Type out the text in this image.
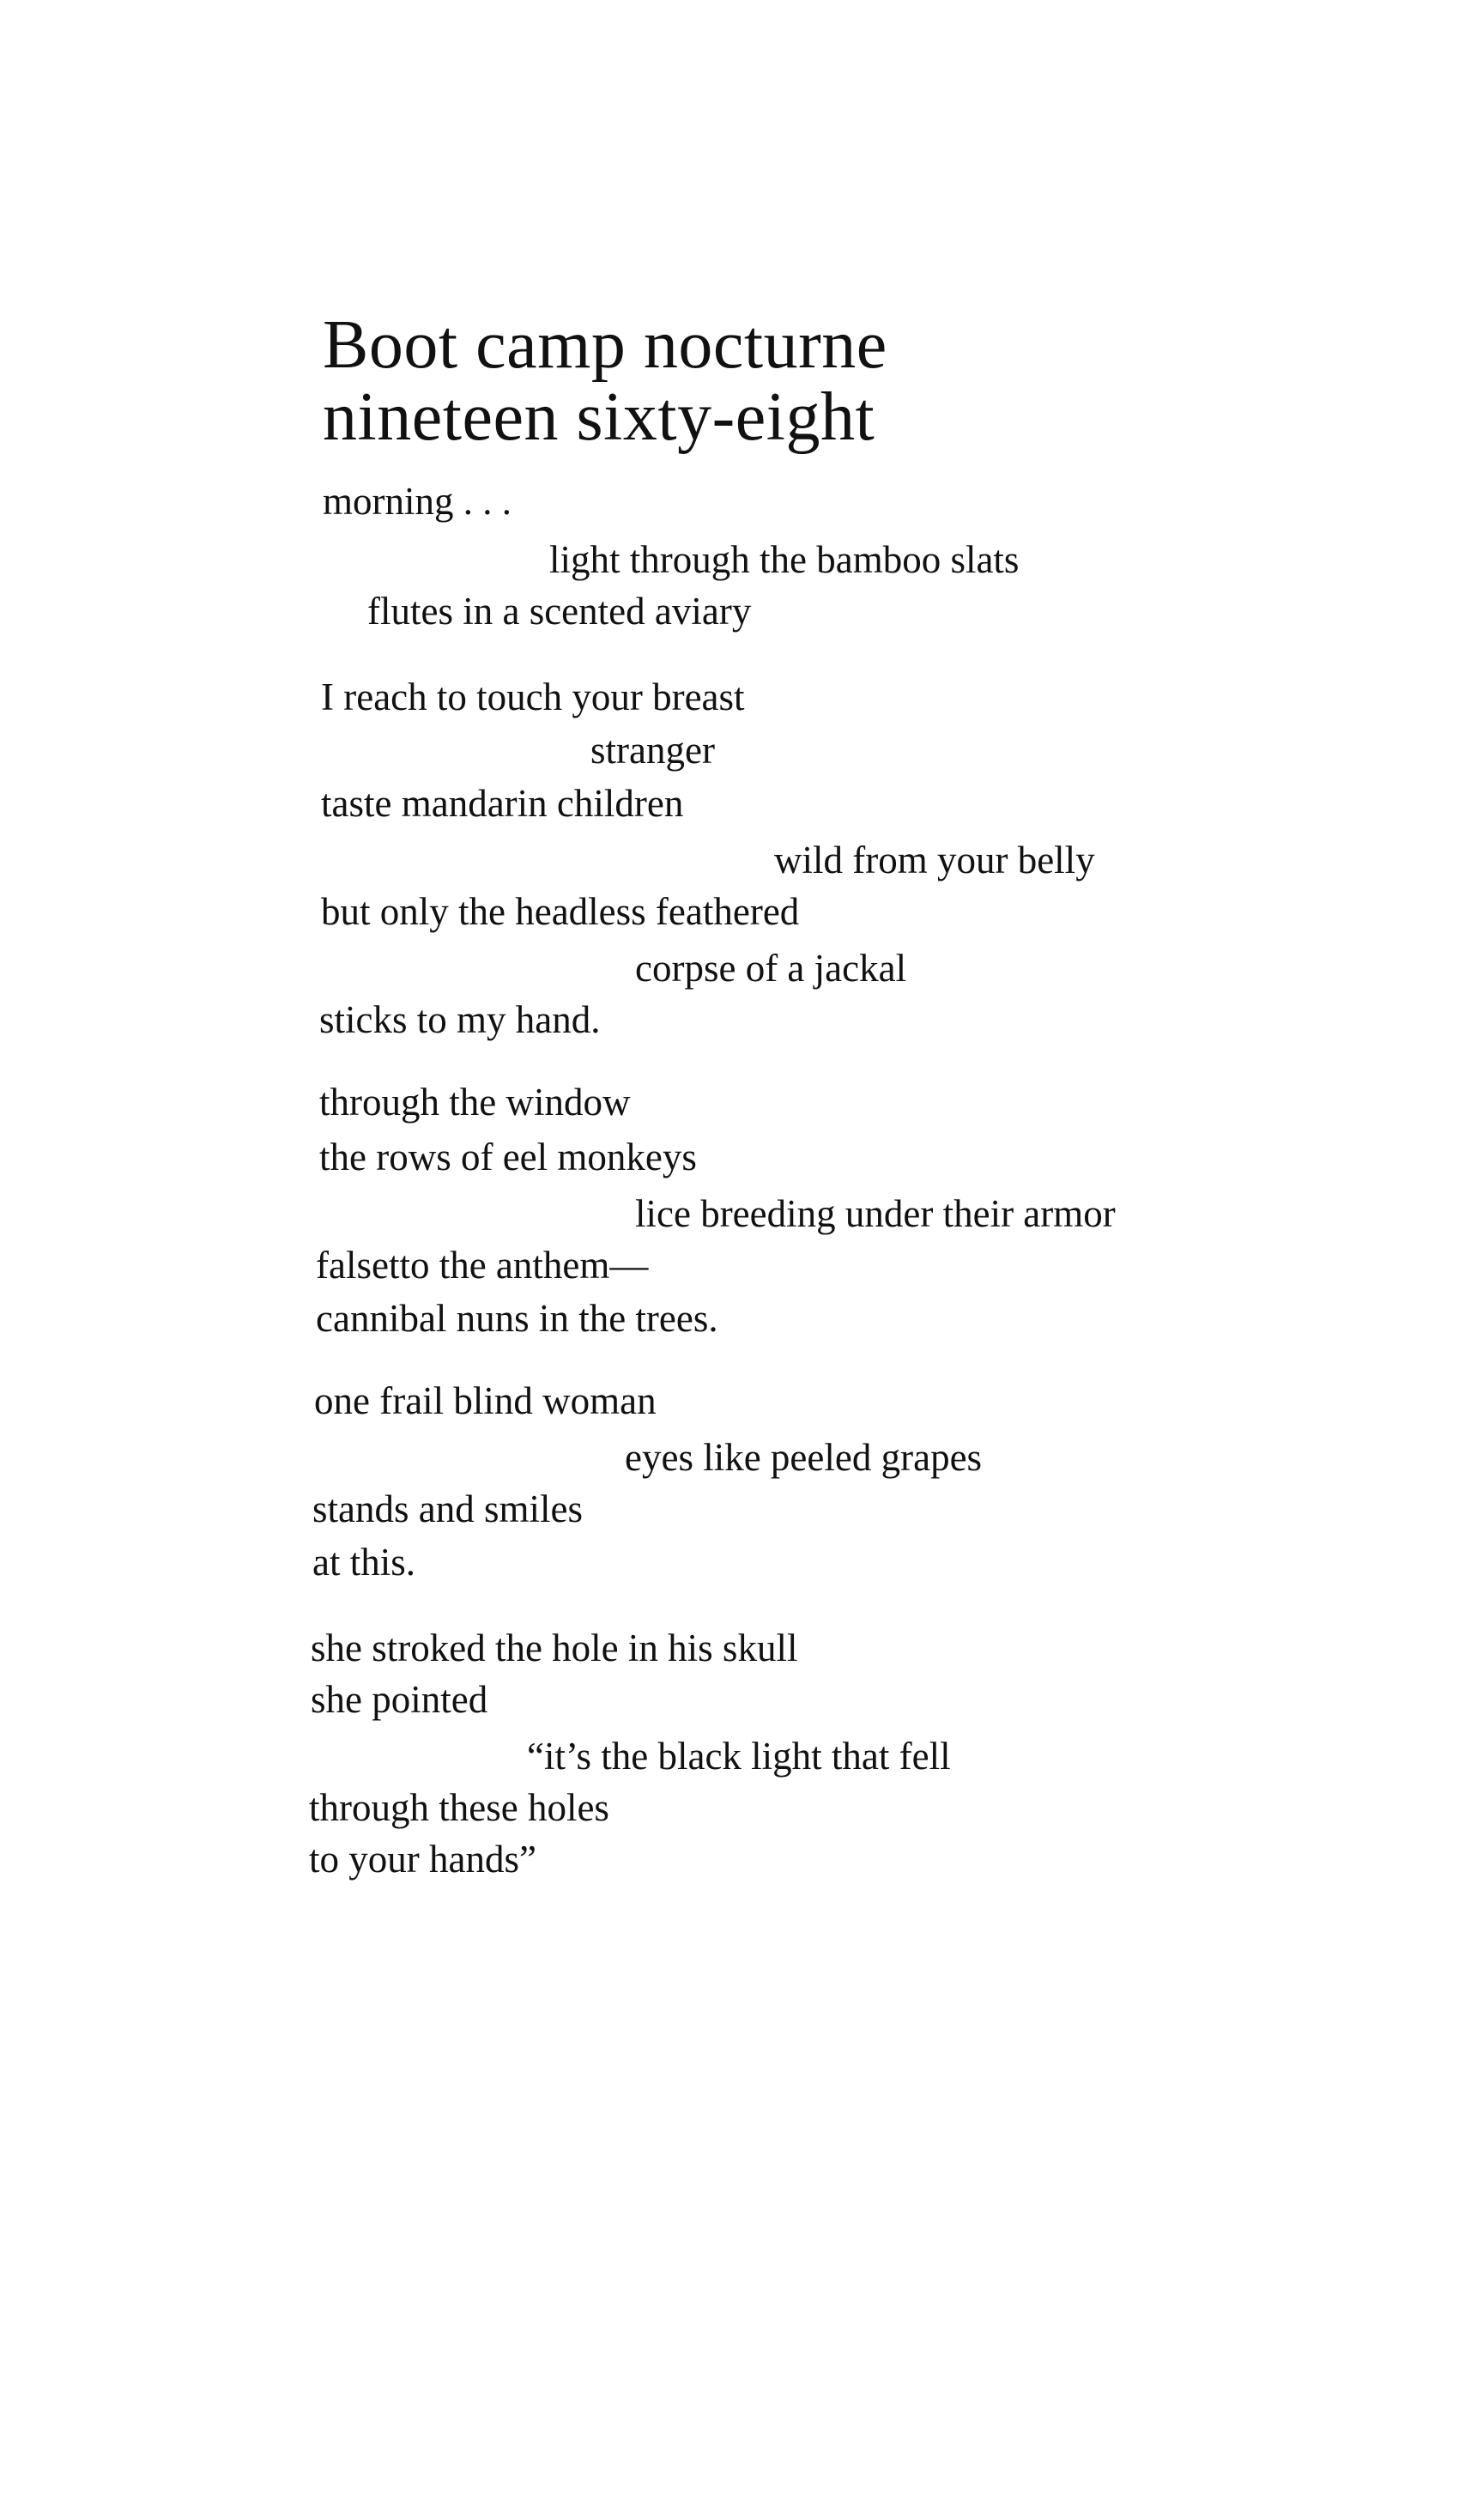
Boot camp nocturne
nineteen sixty-eight
morning . . .
light through the bamboo slats
flutes in a scented aviary
I reach to touch your breast
stranger
taste mandarin children
wild from your belly
but only the headless feathered
corpse of a jackal
sticks to my hand.
through the window
the rows of eel monkeys
lice breeding under their armor
falsetto the anthem—
cannibal nuns in the trees.
one frail blind woman
eyes like peeled grapes
stands and smiles
at this.
she stroked the hole in his skull
she pointed
“it’s the black light that fell
through these holes
to your hands”
